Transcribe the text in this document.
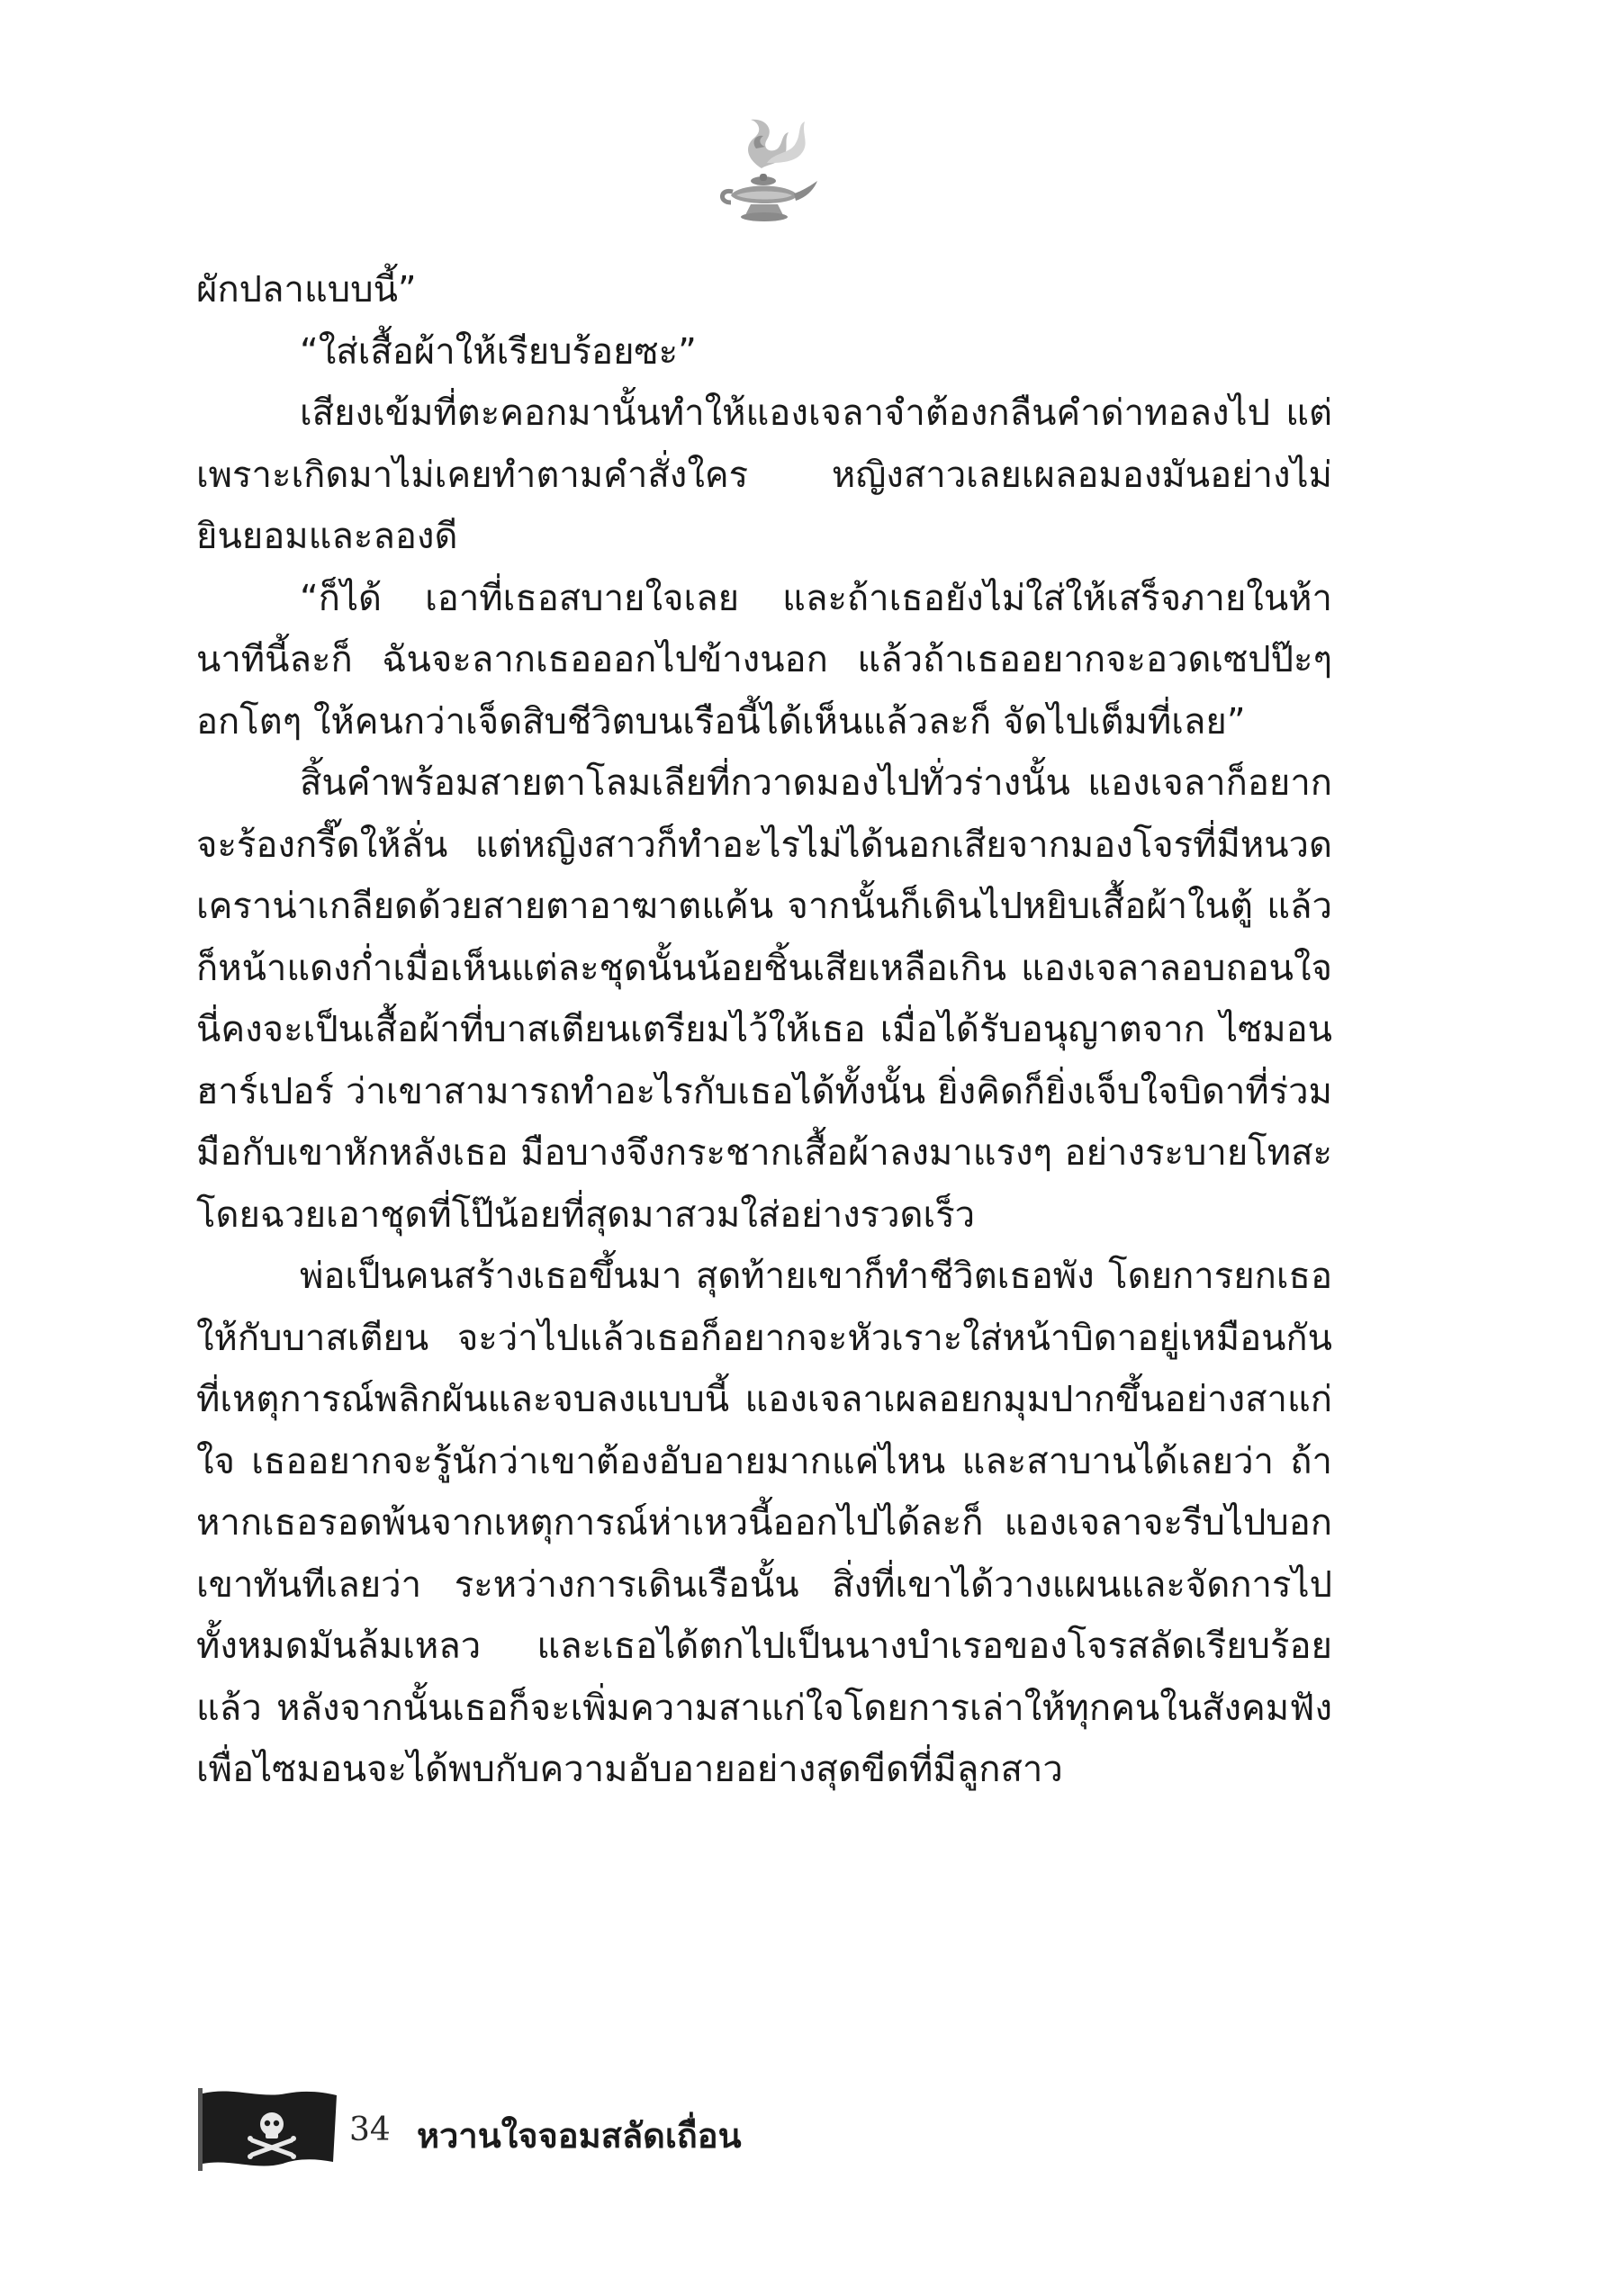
ผักปลาแบบนี้”

“ใส่เสื้อผ้าให้เรียบร้อยซะ”

เสียงเข้มที่ตะคอกมานั้นทำให้แองเจลาจำต้องกลืนคำด่าทอลงไป แต่เพราะเกิดมาไม่เคยทำตามคำสั่งใคร หญิงสาวเลยเผลอมองมันอย่างไม่ยินยอมและลองดี

“ก็ได้ เอาที่เธอสบายใจเลย และถ้าเธอยังไม่ใส่ให้เสร็จภายในห้านาทีนี้ละก็ ฉันจะลากเธอออกไปข้างนอก แล้วถ้าเธออยากจะอวดเซปป๊ะๆ อกโตๆ ให้คนกว่าเจ็ดสิบชีวิตบนเรือนี้ได้เห็นแล้วละก็ จัดไปเต็มที่เลย”

สิ้นคำพร้อมสายตาโลมเลียที่กวาดมองไปทั่วร่างนั้น แองเจลาก็อยากจะร้องกรี๊ดให้ลั่น แต่หญิงสาวก็ทำอะไรไม่ได้นอกเสียจากมองโจรที่มีหนวดเคราน่าเกลียดด้วยสายตาอาฆาตแค้น จากนั้นก็เดินไปหยิบเสื้อผ้าในตู้ แล้วก็หน้าแดงก่ำเมื่อเห็นแต่ละชุดนั้นน้อยชิ้นเสียเหลือเกิน แองเจลาลอบถอนใจ นี่คงจะเป็นเสื้อผ้าที่บาสเตียนเตรียมไว้ให้เธอ เมื่อได้รับอนุญาตจาก ไซมอน ฮาร์เปอร์ ว่าเขาสามารถทำอะไรกับเธอได้ทั้งนั้น ยิ่งคิดก็ยิ่งเจ็บใจบิดาที่ร่วมมือกับเขาหักหลังเธอ มือบางจึงกระชากเสื้อผ้าลงมาแรงๆ อย่างระบายโทสะ โดยฉวยเอาชุดที่โป๊น้อยที่สุดมาสวมใส่อย่างรวดเร็ว

พ่อเป็นคนสร้างเธอขึ้นมา สุดท้ายเขาก็ทำชีวิตเธอพัง โดยการยกเธอให้กับบาสเตียน จะว่าไปแล้วเธอก็อยากจะหัวเราะใส่หน้าบิดาอยู่เหมือนกัน ที่เหตุการณ์พลิกผันและจบลงแบบนี้ แองเจลาเผลอยกมุมปากขึ้นอย่างสาแก่ใจ เธออยากจะรู้นักว่าเขาต้องอับอายมากแค่ไหน และสาบานได้เลยว่า ถ้าหากเธอรอดพ้นจากเหตุการณ์ห่าเหวนี้ออกไปได้ละก็ แองเจลาจะรีบไปบอกเขาทันทีเลยว่า ระหว่างการเดินเรือนั้น สิ่งที่เขาได้วางแผนและจัดการไปทั้งหมดมันล้มเหลว และเธอได้ตกไปเป็นนางบำเรอของโจรสลัดเรียบร้อยแล้ว หลังจากนั้นเธอก็จะเพิ่มความสาแก่ใจโดยการเล่าให้ทุกคนในสังคมฟัง เพื่อไซมอนจะได้พบกับความอับอายอย่างสุดขีดที่มีลูกสาว

34 หวานใจจอมสลัดเถื่อน
